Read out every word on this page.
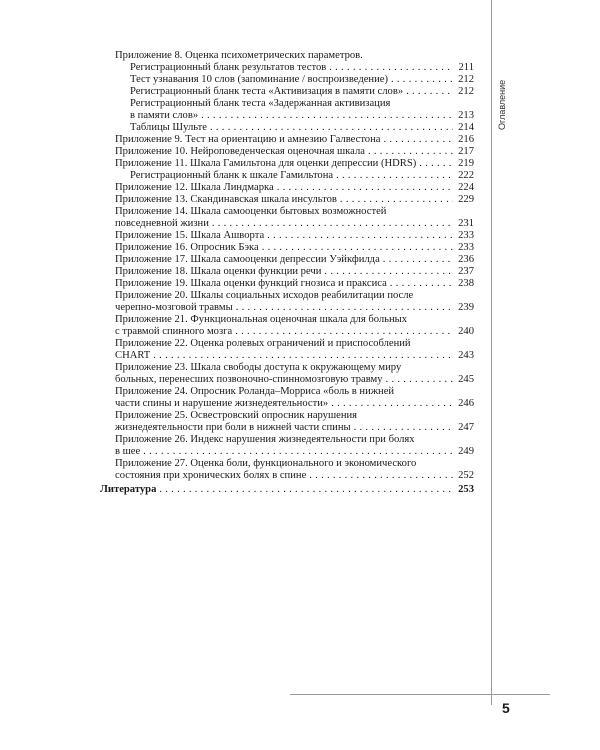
Приложение 8. Оценка психометрических параметров.
Регистрационный бланк результатов тестов . . .	211
Тест узнавания 10 слов (запоминание / воспроизведение) . . .	212
Регистрационный бланк теста «Активизация в памяти слов» . . .	212
Регистрационный бланк теста «Задержанная активизация
в памяти слов» . . .	213
Таблицы Шульте . . .	214
Приложение 9. Тест на ориентацию и амнезию Галвестона . . .	216
Приложение 10. Нейроповеденческая оценочная шкала . . .	217
Приложение 11. Шкала Гамильтона для оценки депрессии (HDRS) . . .	219
Регистрационный бланк к шкале Гамильтона . . .	222
Приложение 12. Шкала Линдмарка . . .	224
Приложение 13. Скандинавская шкала инсультов . . .	229
Приложение 14. Шкала самооценки бытовых возможностей
повседневной жизни . . .	231
Приложение 15. Шкала Ашворта . . .	233
Приложение 16. Опросник Бэка . . .	233
Приложение 17. Шкала самооценки депрессии Уэйкфилда . . .	236
Приложение 18. Шкала оценки функции речи . . .	237
Приложение 19. Шкала оценки функций гнозиса и праксиса . . .	238
Приложение 20. Шкалы социальных исходов реабилитации после
черепно-мозговой травмы . . .	239
Приложение 21. Функциональная оценочная шкала для больных
с травмой спинного мозга . . .	240
Приложение 22. Оценка ролевых ограничений и приспособлений
CHART . . .	243
Приложение 23. Шкала свободы доступа к окружающему миру
больных, перенесших позвоночно-спинномозговую травму . . .	245
Приложение 24. Опросник Роланда–Морриса «боль в нижней
части спины и нарушение жизнедеятельности» . . .	246
Приложение 25. Освестровский опросник нарушения
жизнедеятельности при боли в нижней части спины . . .	247
Приложение 26. Индекс нарушения жизнедеятельности при болях
в шее . . .	249
Приложение 27. Оценка боли, функционального и экономического
состояния при хронических болях в спине . . .	252
Литература . . .	253
Оглавление
5
